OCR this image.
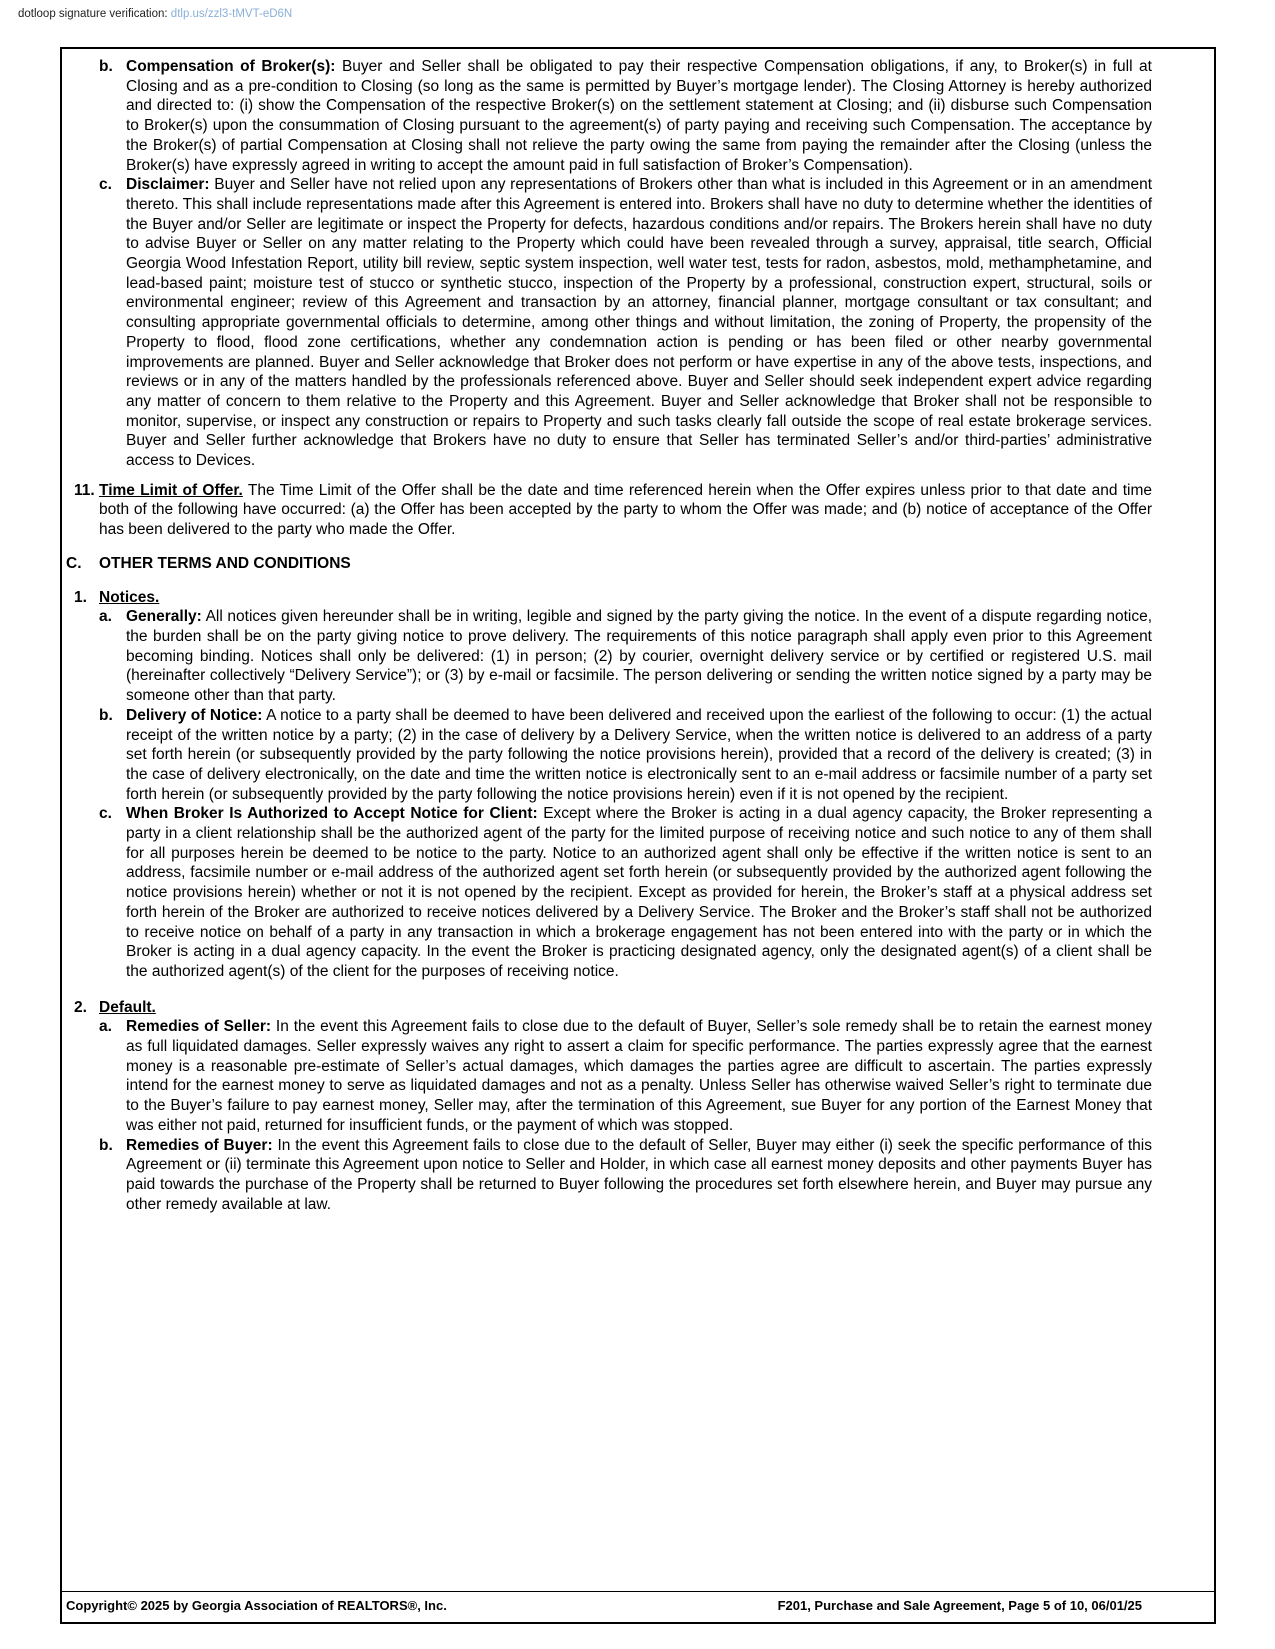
dotloop signature verification: dtlp.us/zzl3-tMVT-eD6N
b. Compensation of Broker(s): Buyer and Seller shall be obligated to pay their respective Compensation obligations, if any, to Broker(s) in full at Closing and as a pre-condition to Closing (so long as the same is permitted by Buyer’s mortgage lender). The Closing Attorney is hereby authorized and directed to: (i) show the Compensation of the respective Broker(s) on the settlement statement at Closing; and (ii) disburse such Compensation to Broker(s) upon the consummation of Closing pursuant to the agreement(s) of party paying and receiving such Compensation. The acceptance by the Broker(s) of partial Compensation at Closing shall not relieve the party owing the same from paying the remainder after the Closing (unless the Broker(s) have expressly agreed in writing to accept the amount paid in full satisfaction of Broker’s Compensation).
c. Disclaimer: Buyer and Seller have not relied upon any representations of Brokers other than what is included in this Agreement or in an amendment thereto. This shall include representations made after this Agreement is entered into. Brokers shall have no duty to determine whether the identities of the Buyer and/or Seller are legitimate or inspect the Property for defects, hazardous conditions and/or repairs. The Brokers herein shall have no duty to advise Buyer or Seller on any matter relating to the Property which could have been revealed through a survey, appraisal, title search, Official Georgia Wood Infestation Report, utility bill review, septic system inspection, well water test, tests for radon, asbestos, mold, methamphetamine, and lead-based paint; moisture test of stucco or synthetic stucco, inspection of the Property by a professional, construction expert, structural, soils or environmental engineer; review of this Agreement and transaction by an attorney, financial planner, mortgage consultant or tax consultant; and consulting appropriate governmental officials to determine, among other things and without limitation, the zoning of Property, the propensity of the Property to flood, flood zone certifications, whether any condemnation action is pending or has been filed or other nearby governmental improvements are planned. Buyer and Seller acknowledge that Broker does not perform or have expertise in any of the above tests, inspections, and reviews or in any of the matters handled by the professionals referenced above. Buyer and Seller should seek independent expert advice regarding any matter of concern to them relative to the Property and this Agreement. Buyer and Seller acknowledge that Broker shall not be responsible to monitor, supervise, or inspect any construction or repairs to Property and such tasks clearly fall outside the scope of real estate brokerage services. Buyer and Seller further acknowledge that Brokers have no duty to ensure that Seller has terminated Seller’s and/or third-parties’ administrative access to Devices.
11. Time Limit of Offer. The Time Limit of the Offer shall be the date and time referenced herein when the Offer expires unless prior to that date and time both of the following have occurred: (a) the Offer has been accepted by the party to whom the Offer was made; and (b) notice of acceptance of the Offer has been delivered to the party who made the Offer.
C.	OTHER TERMS AND CONDITIONS
1. Notices.
a. Generally: All notices given hereunder shall be in writing, legible and signed by the party giving the notice. In the event of a dispute regarding notice, the burden shall be on the party giving notice to prove delivery. The requirements of this notice paragraph shall apply even prior to this Agreement becoming binding. Notices shall only be delivered: (1) in person; (2) by courier, overnight delivery service or by certified or registered U.S. mail (hereinafter collectively “Delivery Service”); or (3) by e-mail or facsimile. The person delivering or sending the written notice signed by a party may be someone other than that party.
b. Delivery of Notice: A notice to a party shall be deemed to have been delivered and received upon the earliest of the following to occur: (1) the actual receipt of the written notice by a party; (2) in the case of delivery by a Delivery Service, when the written notice is delivered to an address of a party set forth herein (or subsequently provided by the party following the notice provisions herein), provided that a record of the delivery is created; (3) in the case of delivery electronically, on the date and time the written notice is electronically sent to an e-mail address or facsimile number of a party set forth herein (or subsequently provided by the party following the notice provisions herein) even if it is not opened by the recipient.
c. When Broker Is Authorized to Accept Notice for Client: Except where the Broker is acting in a dual agency capacity, the Broker representing a party in a client relationship shall be the authorized agent of the party for the limited purpose of receiving notice and such notice to any of them shall for all purposes herein be deemed to be notice to the party. Notice to an authorized agent shall only be effective if the written notice is sent to an address, facsimile number or e-mail address of the authorized agent set forth herein (or subsequently provided by the authorized agent following the notice provisions herein) whether or not it is not opened by the recipient. Except as provided for herein, the Broker’s staff at a physical address set forth herein of the Broker are authorized to receive notices delivered by a Delivery Service. The Broker and the Broker’s staff shall not be authorized to receive notice on behalf of a party in any transaction in which a brokerage engagement has not been entered into with the party or in which the Broker is acting in a dual agency capacity. In the event the Broker is practicing designated agency, only the designated agent(s) of a client shall be the authorized agent(s) of the client for the purposes of receiving notice.
2. Default.
a. Remedies of Seller: In the event this Agreement fails to close due to the default of Buyer, Seller’s sole remedy shall be to retain the earnest money as full liquidated damages. Seller expressly waives any right to assert a claim for specific performance. The parties expressly agree that the earnest money is a reasonable pre-estimate of Seller’s actual damages, which damages the parties agree are difficult to ascertain. The parties expressly intend for the earnest money to serve as liquidated damages and not as a penalty. Unless Seller has otherwise waived Seller’s right to terminate due to the Buyer’s failure to pay earnest money, Seller may, after the termination of this Agreement, sue Buyer for any portion of the Earnest Money that was either not paid, returned for insufficient funds, or the payment of which was stopped.
b. Remedies of Buyer: In the event this Agreement fails to close due to the default of Seller, Buyer may either (i) seek the specific performance of this Agreement or (ii) terminate this Agreement upon notice to Seller and Holder, in which case all earnest money deposits and other payments Buyer has paid towards the purchase of the Property shall be returned to Buyer following the procedures set forth elsewhere herein, and Buyer may pursue any other remedy available at law.
Copyright© 2025 by Georgia Association of REALTORS®, Inc.	F201, Purchase and Sale Agreement, Page 5 of 10, 06/01/25
